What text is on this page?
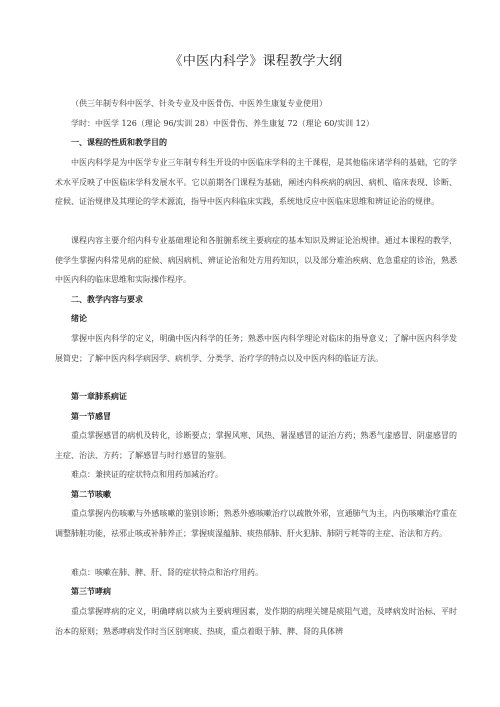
《中医内科学》课程教学大纲

（供三年制专科中医学、针灸专业及中医骨伤、中医养生康复专业使用）

学时：中医学 126（理论 96/实训 28）中医骨伤、养生康复 72（理论 60/实训 12）

一、课程的性质和教学目的

中医内科学是为中医学专业三年制专科生开设的中医临床学科的主干课程，是其他临床诸学科的基础，它的学术水平反映了中医临床学科发展水平。它以前期各门课程为基础，阐述内科疾病的病因、病机、临床表现、诊断、症候、证治规律及其理论的学术源流，指导中医内科临床实践，系统地反应中医临床思维和辨证论治的规律。

课程内容主要介绍内科专业基础理论和各脏腑系统主要病症的基本知识及辨证论治规律。通过本课程的教学，使学生掌握内科常见病的症候、病因病机、辨证论治和处方用药知识，以及部分难治疾病、危急重症的诊治，熟悉中医内科的临床思维和实际操作程序。

二、教学内容与要求

绪论

掌握中医内科学的定义，明确中医内科学的任务；熟悉中医内科学理论对临床的指导意义；了解中医内科学发展简史；了解中医内科学病因学、病机学、分类学、治疗学的特点以及中医内科的临证方法。

第一章肺系病证

第一节感冒

重点掌握感冒的病机及转化，诊断要点；掌握风寒、风热、暑湿感冒的证治方药；熟悉气虚感冒、阴虚感冒的主症、治法、方药；了解感冒与时行感冒的鉴别。

难点：兼挟证的症状特点和用药加减治疗。

第二节咳嗽

重点掌握内伤咳嗽与外感咳嗽的鉴别诊断；熟悉外感咳嗽治疗以疏散外邪，宣通肺气为主，内伤咳嗽治疗重在调整肺脏功能，祛邪止咳或补肺养正；掌握痰湿蕴肺、痰热郁肺、肝火犯肺、肺阴亏耗等的主症、治法和方药。

难点：咳嗽在肺、脾、肝、肾的症状特点和治疗用药。

第三节哮病

重点掌握哮病的定义，明确哮病以痰为主要病理因素，发作期的病理关键是痰阻气道，及哮病发时治标、平时治本的原则；熟悉哮病发作时当区别寒痰、热痰，重点着眼于肺、脾、肾的具体辨
